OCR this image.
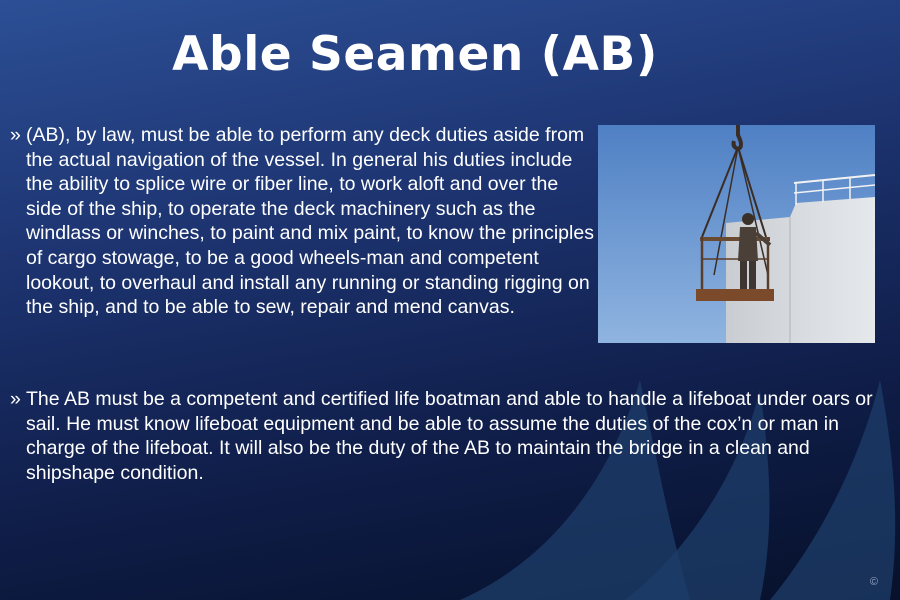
Able Seamen (AB)

» (AB), by law, must be able to perform any deck duties aside from the actual navigation of the vessel. In general his duties include the ability to splice wire or fiber line, to work aloft and over the side of the ship, to operate the deck machinery such as the windlass or winches, to paint and mix paint, to know the principles of cargo stowage, to be a good wheels-man and competent lookout, to overhaul and install any running or standing rigging on the ship, and to be able to sew, repair and mend canvas.

» The AB must be a competent and certified life boatman and able to handle a lifeboat under oars or sail. He must know lifeboat equipment and be able to assume the duties of the cox’n or man in charge of the lifeboat. It will also be the duty of the AB to maintain the bridge in a clean and shipshape condition.

©
